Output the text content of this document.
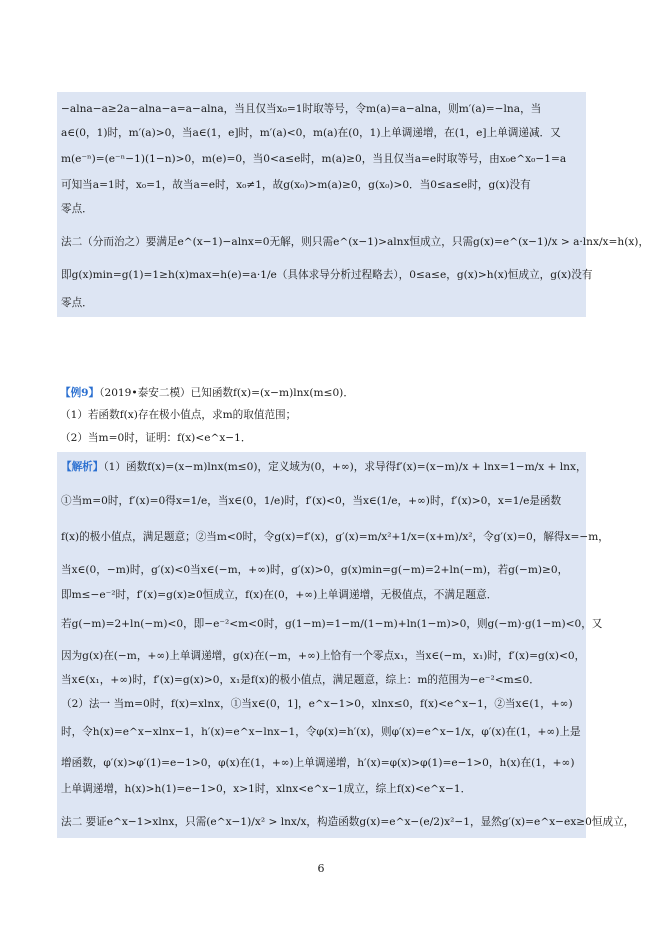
−alna−a≥2a−alna−a=a−alna，当且仅当x₀=1时取等号，令m(a)=a−alna，则m′(a)=−lna，当
a∈(0，1)时，m′(a)>0，当a∈(1，e]时，m′(a)<0，m(a)在(0，1)上单调递增，在(1，e]上单调递减．又
m(e⁻ⁿ)=(e⁻ⁿ−1)(1−n)>0，m(e)=0，当0<a≤e时，m(a)≥0，当且仅当a=e时取等号，由x₀e^x₀−1=a
可知当a=1时，x₀=1，故当a=e时，x₀≠1，故g(x₀)>m(a)≥0，g(x₀)>0．当0≤a≤e时，g(x)没有
零点．
法二（分而治之）要满足e^(x−1)−alnx=0无解，则只需e^(x−1)>alnx恒成立，只需g(x)=e^(x−1)/x > a·lnx/x=h(x)，
即g(x)min=g(1)=1≥h(x)max=h(e)=a·1/e（具体求导分析过程略去），0≤a≤e，g(x)>h(x)恒成立，g(x)没有
零点．
【例9】（2019•泰安二模）已知函数f(x)=(x−m)lnx(m≤0)．
（1）若函数f(x)存在极小值点，求m的取值范围；
（2）当m=0时，证明：f(x)<e^x−1．
【解析】（1）函数f(x)=(x−m)lnx(m≤0)，定义域为(0，+∞)，求导得f′(x)=(x−m)/x + lnx=1−m/x + lnx，
①当m=0时，f′(x)=0得x=1/e，当x∈(0，1/e)时，f′(x)<0，当x∈(1/e，+∞)时，f′(x)>0，x=1/e是函数
f(x)的极小值点，满足题意；②当m<0时，令g(x)=f′(x)，g′(x)=m/x²+1/x=(x+m)/x²，令g′(x)=0，解得x=−m，
当x∈(0，−m)时，g′(x)<0当x∈(−m，+∞)时，g′(x)>0，g(x)min=g(−m)=2+ln(−m)，若g(−m)≥0，
即m≤−e⁻²时，f′(x)=g(x)≥0恒成立，f(x)在(0，+∞)上单调递增，无极值点，不满足题意．
若g(−m)=2+ln(−m)<0，即−e⁻²<m<0时，g(1−m)=1−m/(1−m)+ln(1−m)>0，则g(−m)·g(1−m)<0，又
因为g(x)在(−m，+∞)上单调递增，g(x)在(−m，+∞)上恰有一个零点x₁，当x∈(−m，x₁)时，f′(x)=g(x)<0，
当x∈(x₁，+∞)时，f′(x)=g(x)>0，x₁是f(x)的极小值点，满足题意，综上：m的范围为−e⁻²<m≤0．
（2）法一 当m=0时，f(x)=xlnx，①当x∈(0，1]，e^x−1>0，xlnx≤0，f(x)<e^x−1，②当x∈(1，+∞)
时，令h(x)=e^x−xlnx−1，h′(x)=e^x−lnx−1，令φ(x)=h′(x)，则φ′(x)=e^x−1/x，φ′(x)在(1，+∞)上是
增函数，φ′(x)>φ′(1)=e−1>0，φ(x)在(1，+∞)上单调递增，h′(x)=φ(x)>φ(1)=e−1>0，h(x)在(1，+∞)
上单调递增，h(x)>h(1)=e−1>0，x>1时，xlnx<e^x−1成立，综上f(x)<e^x−1．
法二 要证e^x−1>xlnx，只需(e^x−1)/x² > lnx/x，构造函数g(x)=e^x−(e/2)x²−1，显然g′(x)=e^x−ex≥0恒成立，
6
